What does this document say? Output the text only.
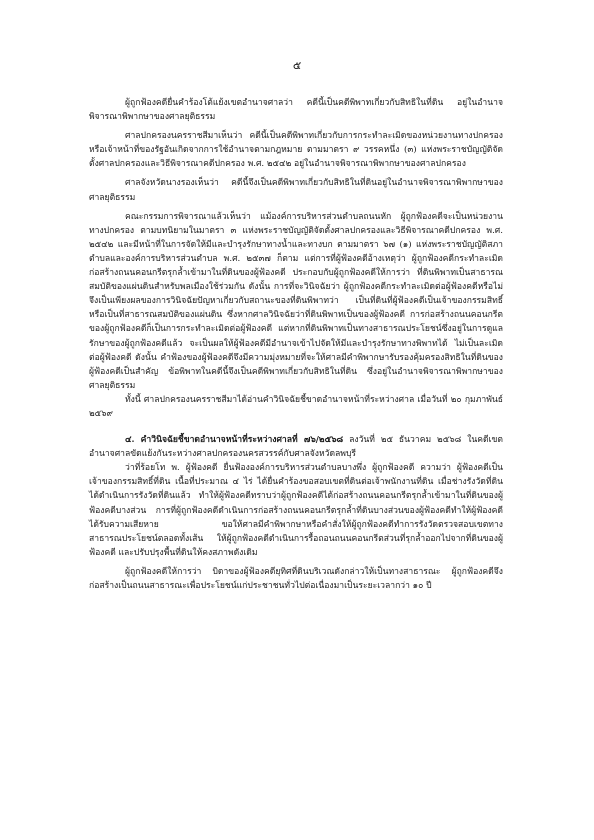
๕

ผู้ถูกฟ้องคดียื่นคำร้องโต้แย้งเขตอำนาจศาลว่า คดีนี้เป็นคดีพิพาทเกี่ยวกับสิทธิในที่ดิน อยู่ในอำนาจพิจารณาพิพากษาของศาลยุติธรรม

ศาลปกครองนครราชสีมาเห็นว่า คดีนี้เป็นคดีพิพาทเกี่ยวกับการกระทำละเมิดของหน่วยงานทางปกครองหรือเจ้าหน้าที่ของรัฐอันเกิดจากการใช้อำนาจตามกฎหมาย ตามมาตรา ๙ วรรคหนึ่ง (๓) แห่งพระราชบัญญัติจัดตั้งศาลปกครองและวิธีพิจารณาคดีปกครอง พ.ศ. ๒๕๔๒ อยู่ในอำนาจพิจารณาพิพากษาของศาลปกครอง

ศาลจังหวัดนางรองเห็นว่า คดีนี้จึงเป็นคดีพิพาทเกี่ยวกับสิทธิในที่ดินอยู่ในอำนาจพิจารณาพิพากษาของศาลยุติธรรม

คณะกรรมการพิจารณาแล้วเห็นว่า แม้องค์การบริหารส่วนตำบลถนนหัก ผู้ถูกฟ้องคดีจะเป็นหน่วยงานทางปกครอง ตามบทนิยามในมาตรา ๓ แห่งพระราชบัญญัติจัดตั้งศาลปกครองและวิธีพิจารณาคดีปกครอง พ.ศ. ๒๕๔๒ และมีหน้าที่ในการจัดให้มีและบำรุงรักษาทางน้ำและทางบก ตามมาตรา ๖๗ (๑) แห่งพระราชบัญญัติสภาตำบลและองค์การบริหารส่วนตำบล พ.ศ. ๒๕๓๗ ก็ตาม แต่การที่ผู้ฟ้องคดีอ้างเหตุว่า ผู้ถูกฟ้องคดีกระทำละเมิดก่อสร้างถนนคอนกรีตรุกล้ำเข้ามาในที่ดินของผู้ฟ้องคดี ประกอบกับผู้ถูกฟ้องคดีให้การว่า ที่ดินพิพาทเป็นสาธารณสมบัติของแผ่นดินสำหรับพลเมืองใช้ร่วมกัน ดังนั้น การที่จะวินิจฉัยว่า ผู้ถูกฟ้องคดีกระทำละเมิดต่อผู้ฟ้องคดีหรือไม่ จึงเป็นเพียงผลของการวินิจฉัยปัญหาเกี่ยวกับสถานะของที่ดินพิพาทว่า เป็นที่ดินที่ผู้ฟ้องคดีเป็นเจ้าของกรรมสิทธิ์ หรือเป็นที่สาธารณสมบัติของแผ่นดิน ซึ่งหากศาลวินิจฉัยว่าที่ดินพิพาทเป็นของผู้ฟ้องคดี การก่อสร้างถนนคอนกรีตของผู้ถูกฟ้องคดีก็เป็นการกระทำละเมิดต่อผู้ฟ้องคดี แต่หากที่ดินพิพาทเป็นทางสาธารณประโยชน์ซึ่งอยู่ในการดูแลรักษาของผู้ถูกฟ้องคดีแล้ว จะเป็นผลให้ผู้ฟ้องคดีมีอำนาจเข้าไปจัดให้มีและบำรุงรักษาทางพิพาทได้ ไม่เป็นละเมิดต่อผู้ฟ้องคดี ดังนั้น คำฟ้องของผู้ฟ้องคดีจึงมีความมุ่งหมายที่จะให้ศาลมีคำพิพากษารับรองคุ้มครองสิทธิในที่ดินของผู้ฟ้องคดีเป็นสำคัญ ข้อพิพาทในคดีนี้จึงเป็นคดีพิพาทเกี่ยวกับสิทธิในที่ดิน ซึ่งอยู่ในอำนาจพิจารณาพิพากษาของศาลยุติธรรม

ทั้งนี้ ศาลปกครองนครราชสีมาได้อ่านคำวินิจฉัยชี้ขาดอำนาจหน้าที่ระหว่างศาล เมื่อวันที่ ๒๐ กุมภาพันธ์ ๒๕๖๙

๔. คำวินิจฉัยชี้ขาดอำนาจหน้าที่ระหว่างศาลที่ ๗๖/๒๕๖๘ ลงวันที่ ๒๕ ธันวาคม ๒๕๖๘ ในคดีเขตอำนาจศาลขัดแย้งกันระหว่างศาลปกครองนครสวรรค์กับศาลจังหวัดลพบุรี

ว่าที่ร้อยโท พ. ผู้ฟ้องคดี ยื่นฟ้ององค์การบริหารส่วนตำบลบางพึ่ง ผู้ถูกฟ้องคดี ความว่า ผู้ฟ้องคดีเป็นเจ้าของกรรมสิทธิ์ที่ดิน เนื้อที่ประมาณ ๔ ไร่ ได้ยื่นคำร้องขอสอบเขตที่ดินต่อเจ้าพนักงานที่ดิน เมื่อช่างรังวัดที่ดินได้ดำเนินการรังวัดที่ดินแล้ว ทำให้ผู้ฟ้องคดีทราบว่าผู้ถูกฟ้องคดีได้ก่อสร้างถนนคอนกรีตรุกล้ำเข้ามาในที่ดินของผู้ฟ้องคดีบางส่วน การที่ผู้ถูกฟ้องคดีดำเนินการก่อสร้างถนนคอนกรีตรุกล้ำที่ดินบางส่วนของผู้ฟ้องคดีทำให้ผู้ฟ้องคดีได้รับความเสียหาย ขอให้ศาลมีคำพิพากษาหรือคำสั่งให้ผู้ถูกฟ้องคดีทำการรังวัดตรวจสอบเขตทางสาธารณประโยชน์ตลอดทั้งเส้น ให้ผู้ถูกฟ้องคดีดำเนินการรื้อถอนถนนคอนกรีตส่วนที่รุกล้ำออกไปจากที่ดินของผู้ฟ้องคดี และปรับปรุงพื้นที่ดินให้คงสภาพดังเดิม

ผู้ถูกฟ้องคดีให้การว่า บิดาของผู้ฟ้องคดียุทิศที่ดินบริเวณดังกล่าวให้เป็นทางสาธารณะ ผู้ถูกฟ้องคดีจึงก่อสร้างเป็นถนนสาธารณะเพื่อประโยชน์แก่ประชาชนทั่วไปต่อเนื่องมาเป็นระยะเวลากว่า ๑๐ ปี
